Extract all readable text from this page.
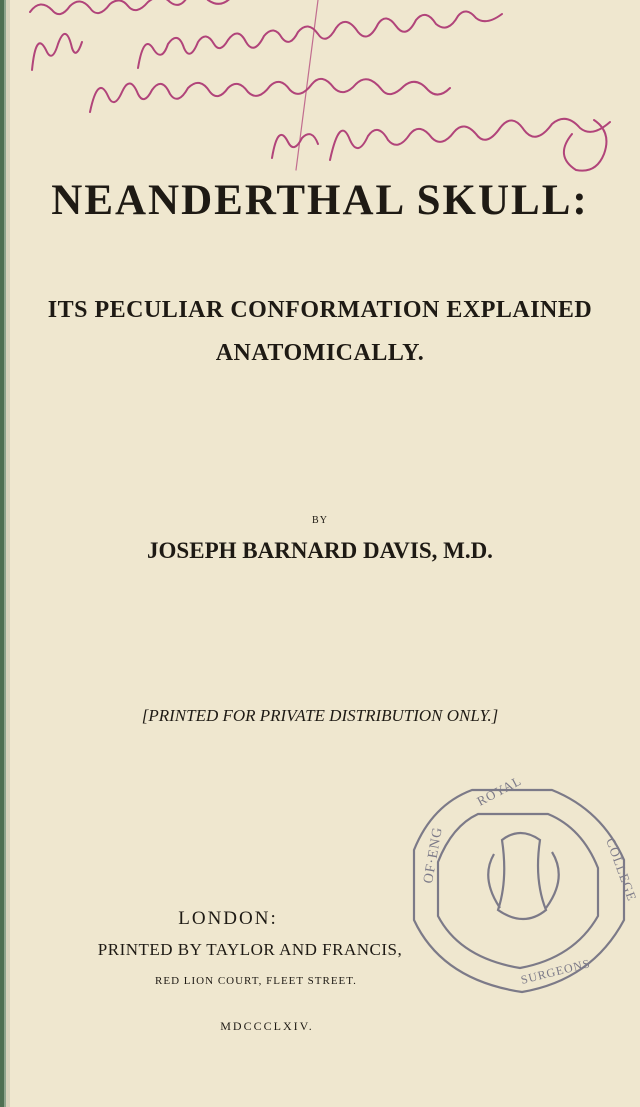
NEANDERTHAL SKULL:
ITS PECULIAR CONFORMATION EXPLAINED
ANATOMICALLY.
BY
JOSEPH BARNARD DAVIS, M.D.
[PRINTED FOR PRIVATE DISTRIBUTION ONLY.]
OF·ENG
ROYAL
COLLEGE
SURGEONS
LONDON:
PRINTED BY TAYLOR AND FRANCIS,
RED LION COURT, FLEET STREET.
MDCCCLXIV.
